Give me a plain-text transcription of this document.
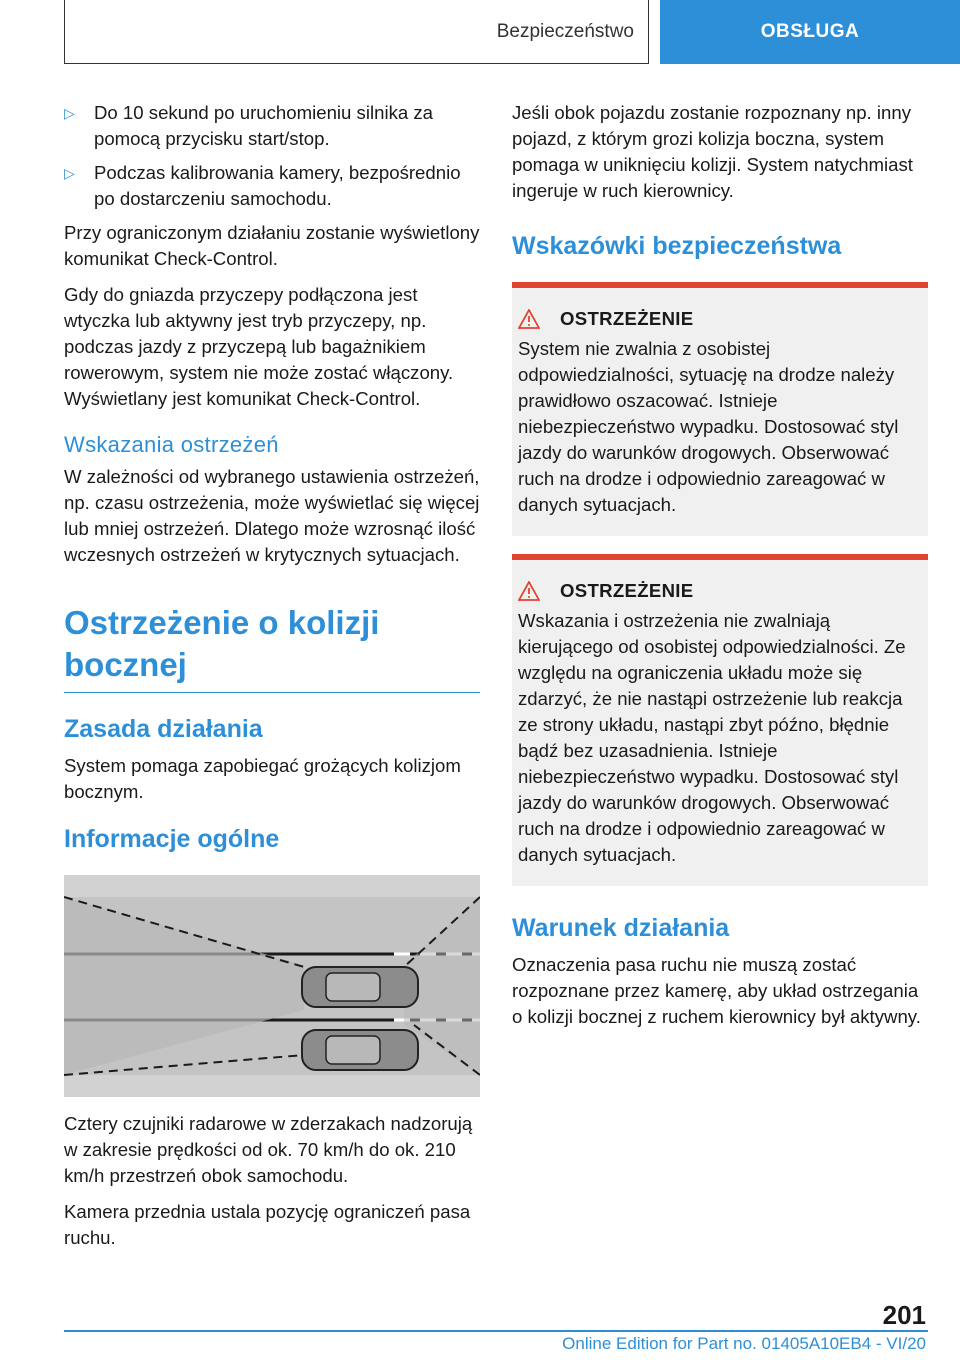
Bezpieczeństwo	OBSŁUGA
▷ Do 10 sekund po uruchomieniu silnika za pomocą przycisku start/stop.
▷ Podczas kalibrowania kamery, bezpośrednio po dostarczeniu samochodu.

Przy ograniczonym działaniu zostanie wyświetlony komunikat Check-Control.

Gdy do gniazda przyczepy podłączona jest wtyczka lub aktywny jest tryb przyczepy, np. podczas jazdy z przyczepą lub bagażnikiem rowerowym, system nie może zostać włączony. Wyświetlany jest komunikat Check-Control.

Wskazania ostrzeżeń

W zależności od wybranego ustawienia ostrzeżeń, np. czasu ostrzeżenia, może wyświetlać się więcej lub mniej ostrzeżeń. Dlatego może wzrosnąć ilość wczesnych ostrzeżeń w krytycznych sytuacjach.

Ostrzeżenie o kolizji bocznej
Zasada działania

System pomaga zapobiegać grożących kolizjom bocznym.

Informacje ogólne

Cztery czujniki radarowe w zderzakach nadzorują w zakresie prędkości od ok. 70 km/h do ok. 210 km/h przestrzeń obok samochodu.

Kamera przednia ustala pozycję ograniczeń pasa ruchu.

Jeśli obok pojazdu zostanie rozpoznany np. inny pojazd, z którym grozi kolizja boczna, system pomaga w uniknięciu kolizji. System natychmiast ingeruje w ruch kierownicy.

Wskazówki bezpieczeństwa
OSTRZEŻENIE
System nie zwalnia z osobistej odpowiedzialności, sytuację na drodze należy prawidłowo oszacować. Istnieje niebezpieczeństwo wypadku. Dostosować styl jazdy do warunków drogowych. Obserwować ruch na drodze i odpowiednio zareagować w danych sytuacjach.
OSTRZEŻENIE
Wskazania i ostrzeżenia nie zwalniają kierującego od osobistej odpowiedzialności. Ze względu na ograniczenia układu może się zdarzyć, że nie nastąpi ostrzeżenie lub reakcja ze strony układu, nastąpi zbyt późno, błędnie bądź bez uzasadnienia. Istnieje niebezpieczeństwo wypadku. Dostosować styl jazdy do warunków drogowych. Obserwować ruch na drodze i odpowiednio zareagować w danych sytuacjach.
Warunek działania

Oznaczenia pasa ruchu nie muszą zostać rozpoznane przez kamerę, aby układ ostrzegania o kolizji bocznej z ruchem kierownicy był aktywny.

201
Online Edition for Part no. 01405A10EB4 - VI/20
